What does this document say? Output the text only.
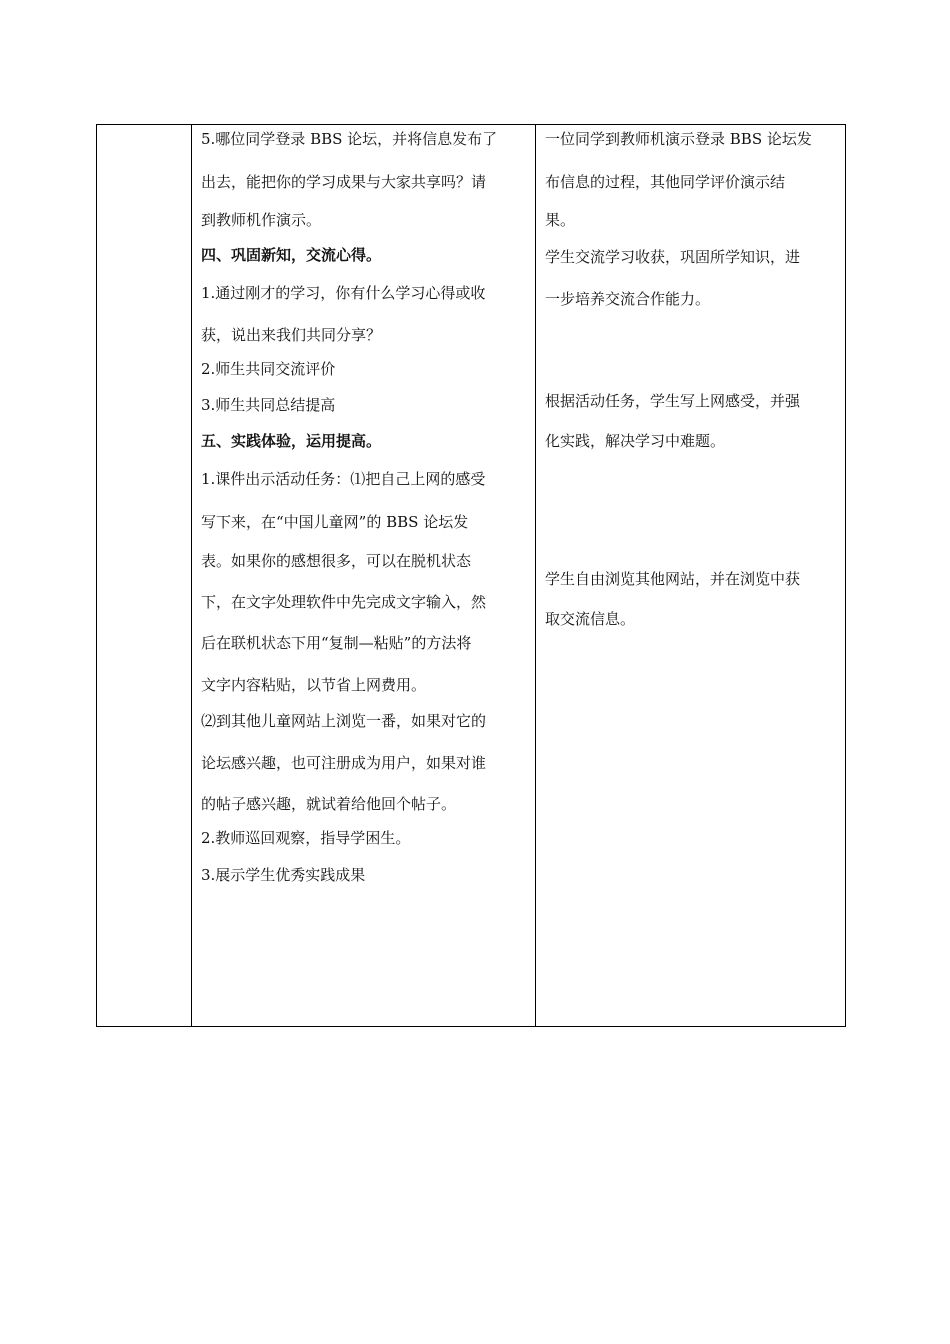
5.哪位同学登录 BBS 论坛，并将信息发布了
出去，能把你的学习成果与大家共享吗？请
到教师机作演示。
四、巩固新知，交流心得。
1.通过刚才的学习，你有什么学习心得或收
获，说出来我们共同分享？
2.师生共同交流评价
3.师生共同总结提高
五、实践体验，运用提高。
1.课件出示活动任务：⑴把自己上网的感受
写下来，在“中国儿童网”的 BBS 论坛发
表。如果你的感想很多，可以在脱机状态
下，在文字处理软件中先完成文字输入，然
后在联机状态下用“复制—粘贴”的方法将
文字内容粘贴，以节省上网费用。
⑵到其他儿童网站上浏览一番，如果对它的
论坛感兴趣，也可注册成为用户，如果对谁
的帖子感兴趣，就试着给他回个帖子。
2.教师巡回观察，指导学困生。
3.展示学生优秀实践成果
一位同学到教师机演示登录 BBS 论坛发
布信息的过程，其他同学评价演示结
果。
学生交流学习收获，巩固所学知识，进
一步培养交流合作能力。
根据活动任务，学生写上网感受，并强
化实践，解决学习中难题。
学生自由浏览其他网站，并在浏览中获
取交流信息。
